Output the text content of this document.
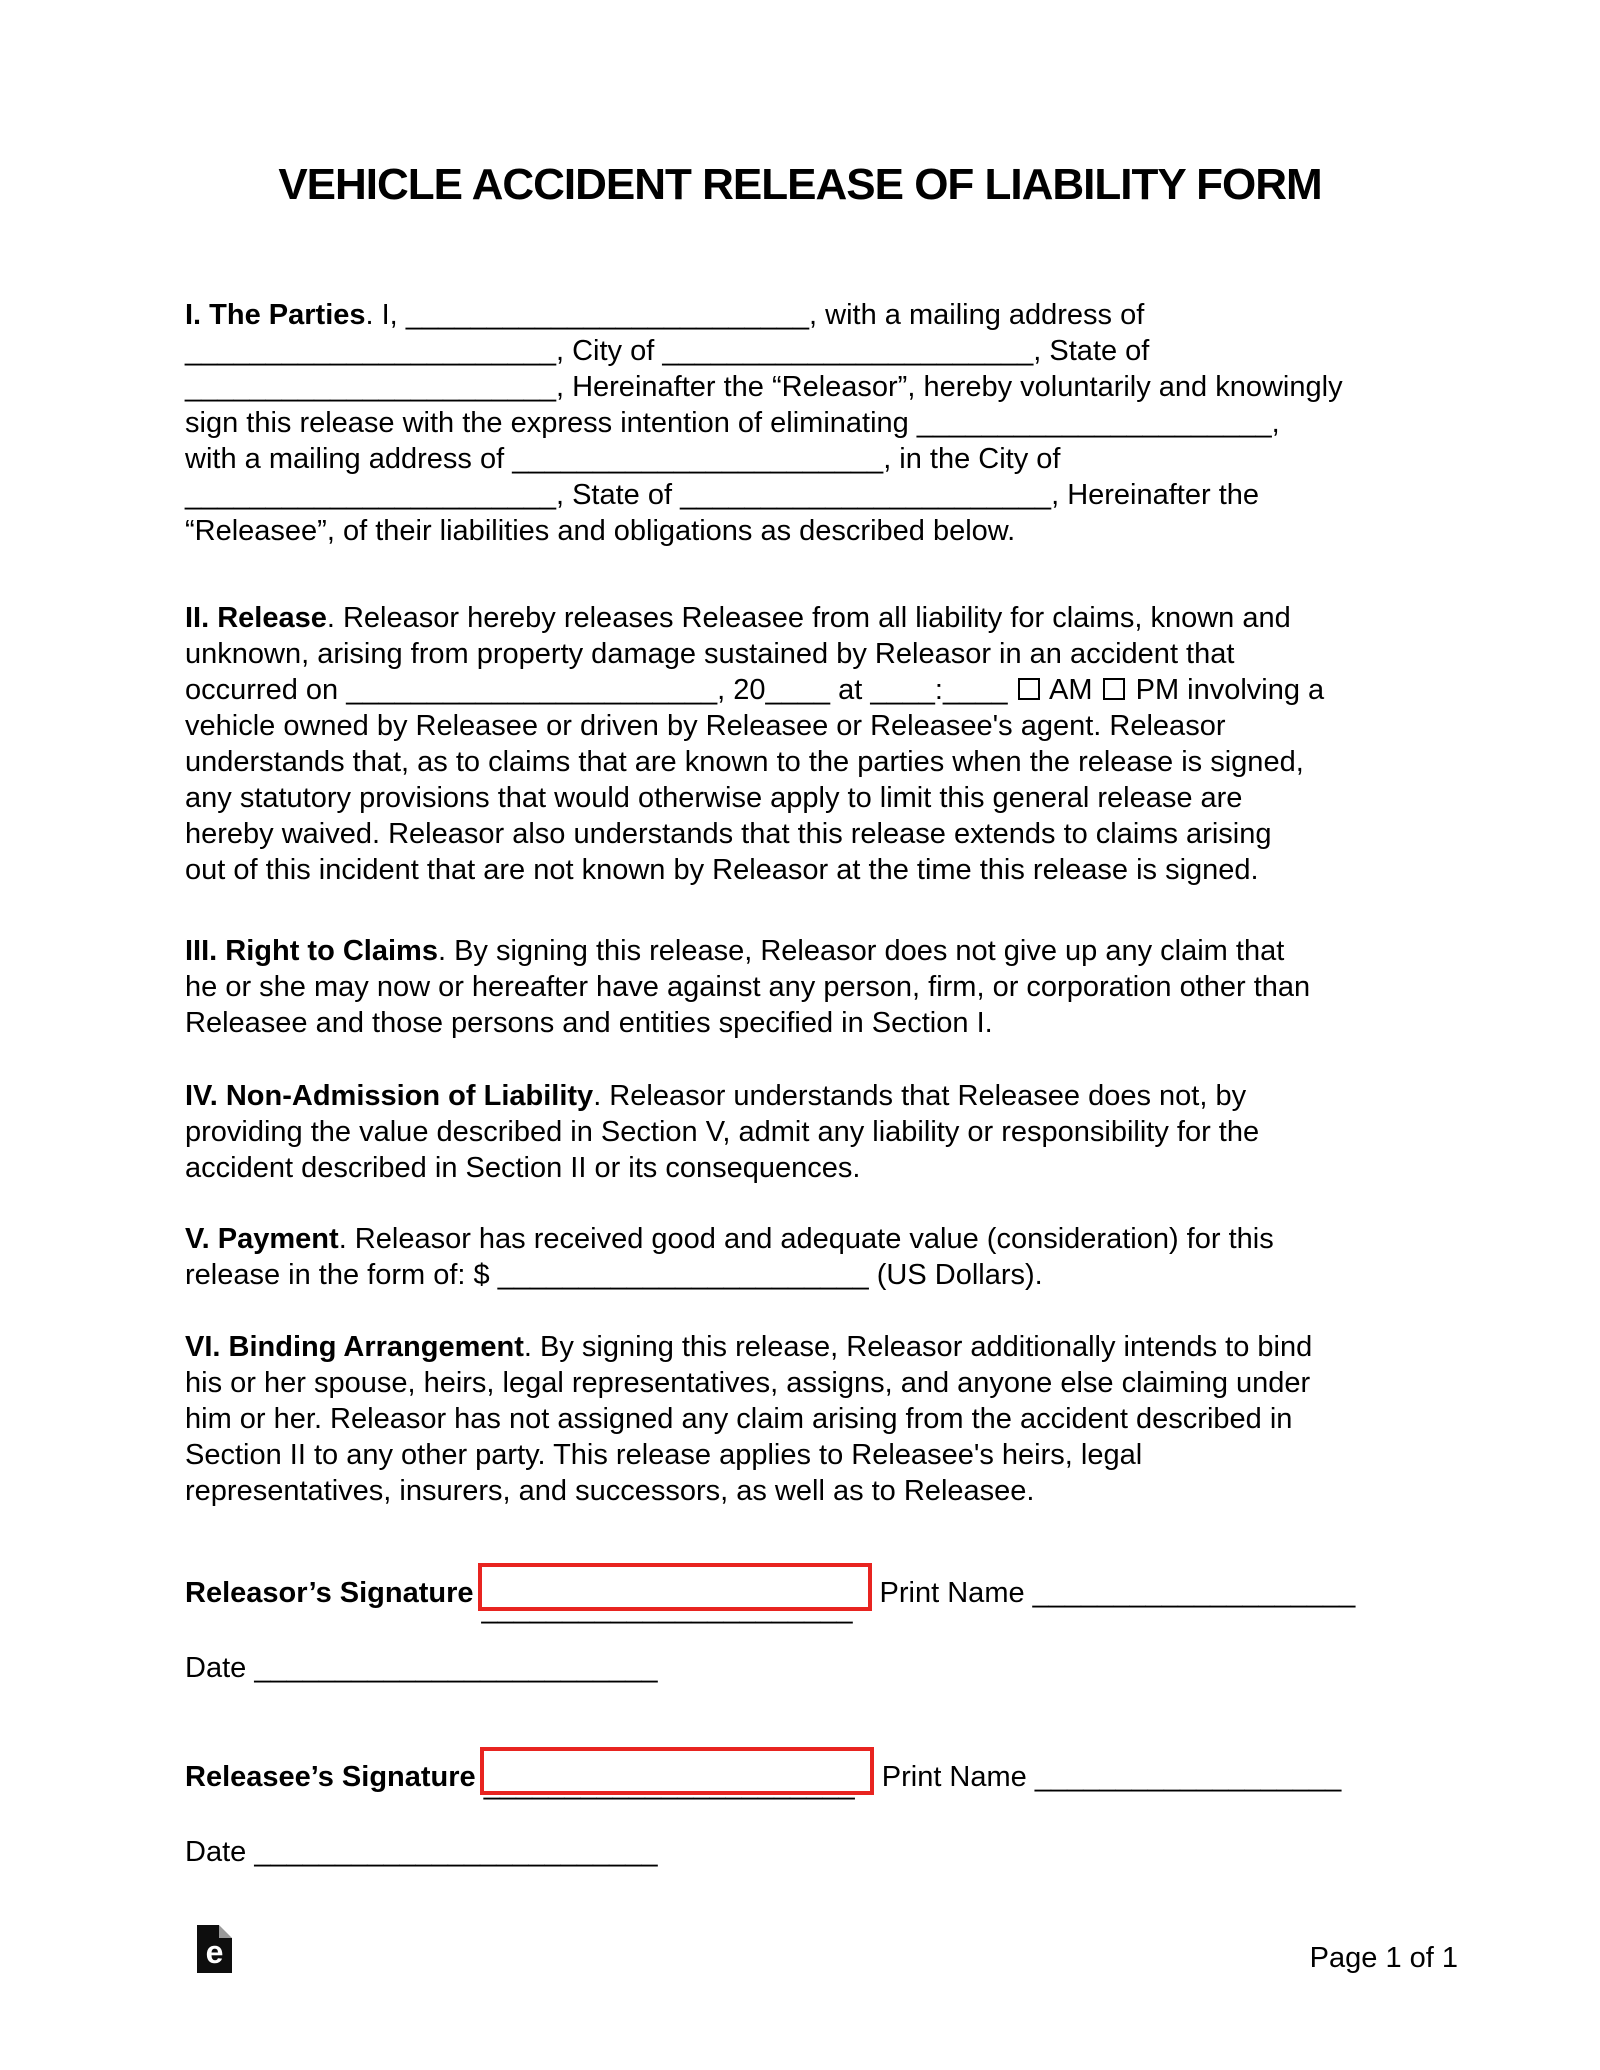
VEHICLE ACCIDENT RELEASE OF LIABILITY FORM
I. The Parties. I, _________________________, with a mailing address of
_______________________, City of _______________________, State of
_______________________, Hereinafter the “Releasor”, hereby voluntarily and knowingly
sign this release with the express intention of eliminating ______________________,
with a mailing address of _______________________, in the City of
_______________________, State of _______________________, Hereinafter the
“Releasee”, of their liabilities and obligations as described below.
II. Release. Releasor hereby releases Releasee from all liability for claims, known and
unknown, arising from property damage sustained by Releasor in an accident that
occurred on _______________________, 20____ at ____:____  AM  PM involving a
vehicle owned by Releasee or driven by Releasee or Releasee's agent. Releasor
understands that, as to claims that are known to the parties when the release is signed,
any statutory provisions that would otherwise apply to limit this general release are
hereby waived. Releasor also understands that this release extends to claims arising
out of this incident that are not known by Releasor at the time this release is signed.
III. Right to Claims. By signing this release, Releasor does not give up any claim that
he or she may now or hereafter have against any person, firm, or corporation other than
Releasee and those persons and entities specified in Section I.
IV. Non-Admission of Liability. Releasor understands that Releasee does not, by
providing the value described in Section V, admit any liability or responsibility for the
accident described in Section II or its consequences.
V. Payment. Releasor has received good and adequate value (consideration) for this
release in the form of: $ _______________________ (US Dollars).
VI. Binding Arrangement. By signing this release, Releasor additionally intends to bind
his or her spouse, heirs, legal representatives, assigns, and anyone else claiming under
him or her. Releasor has not assigned any claim arising from the accident described in
Section II to any other party. This release applies to Releasee's heirs, legal
representatives, insurers, and successors, as well as to Releasee.
Releasor’s Signature _______________________ Print Name ____________________
Date _________________________
Releasee’s Signature _______________________ Print Name ___________________
Date _________________________
e	Page 1 of 1
